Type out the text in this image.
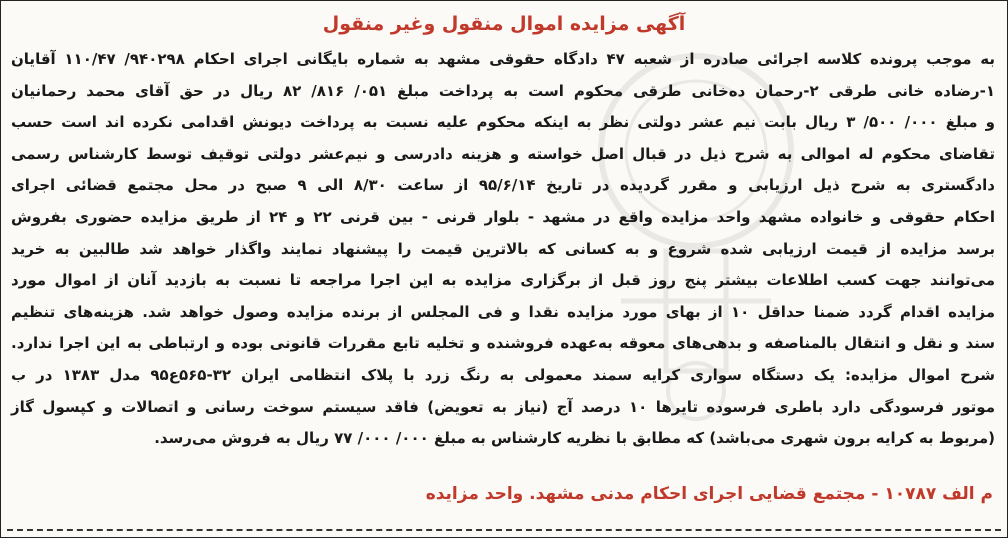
آگهی مزایده اموال منقول وغیر منقول
به موجب پرونده کلاسه اجرائی صادره از شعبه ۴۷ دادگاه حقوقی مشهد به شماره بایگانی اجرای احکام ۹۴۰۲۹۸/ ۱۱۰/۴۷ آقایان
۱-رضاده خانی طرقی ۲-رحمان ده‌خانی طرقی محکوم است به پرداخت مبلغ ۰۵۱/ ۸۱۶/ ۸۲ ریال در حق آقای محمد رحمانیان
و مبلغ ۰۰۰/ ۵۰۰/ ۳ ریال بابت نیم عشر دولتی نظر به اینکه محکوم علیه نسبت به پرداخت دیونش اقدامی نکرده اند است حسب
تقاضای محکوم له اموالی به شرح ذیل در قبال اصل خواسته و هزینه دادرسی و نیم‌عشر دولتی توقیف توسط کارشناس رسمی
دادگستری به شرح ذیل ارزیابی و مقرر گردیده در تاریخ ۹۵/۶/۱۴ از ساعت ۸/۳۰ الی ۹ صبح در محل مجتمع قضائی اجرای
احکام حقوقی و خانواده مشهد واحد مزایده واقع در مشهد - بلوار قرنی - بین قرنی ۲۲ و ۲۴ از طریق مزایده حضوری بفروش
برسد مزایده از قیمت ارزیابی شده شروع و به کسانی که بالاترین قیمت را پیشنهاد نمایند واگذار خواهد شد طالبین به خرید
می‌توانند جهت کسب اطلاعات بیشتر پنج روز قبل از برگزاری مزایده به این اجرا مراجعه تا نسبت به بازدید آنان از اموال مورد
مزایده اقدام گردد ضمنا حداقل ۱۰ از بهای مورد مزایده نقدا و فی المجلس از برنده مزایده وصول خواهد شد. هزینه‌های تنظیم
سند و نقل و انتقال بالمناصفه و بدهی‌های معوقه به‌عهده فروشنده و تخلیه تابع مقررات قانونی بوده و ارتباطی به این اجرا ندارد.
شرح اموال مزایده: یک دستگاه سواری کرایه سمند معمولی به رنگ زرد با پلاک انتظامی ایران ۳۲-۵۶۵ع۹۵ مدل ۱۳۸۳ در ب
موتور فرسودگی دارد باطری فرسوده تایرها ۱۰ درصد آج (نیاز به تعویض) فاقد سیستم سوخت رسانی و اتصالات و کپسول گاز
(مربوط به کرایه برون شهری می‌باشد) که مطابق با نظریه کارشناس به مبلغ ۰۰۰/ ۰۰۰/ ۷۷ ریال به فروش می‌رسد.
م الف ۱۰۷۸۷ - مجتمع قضایی اجرای احکام مدنی مشهد. واحد مزایده
